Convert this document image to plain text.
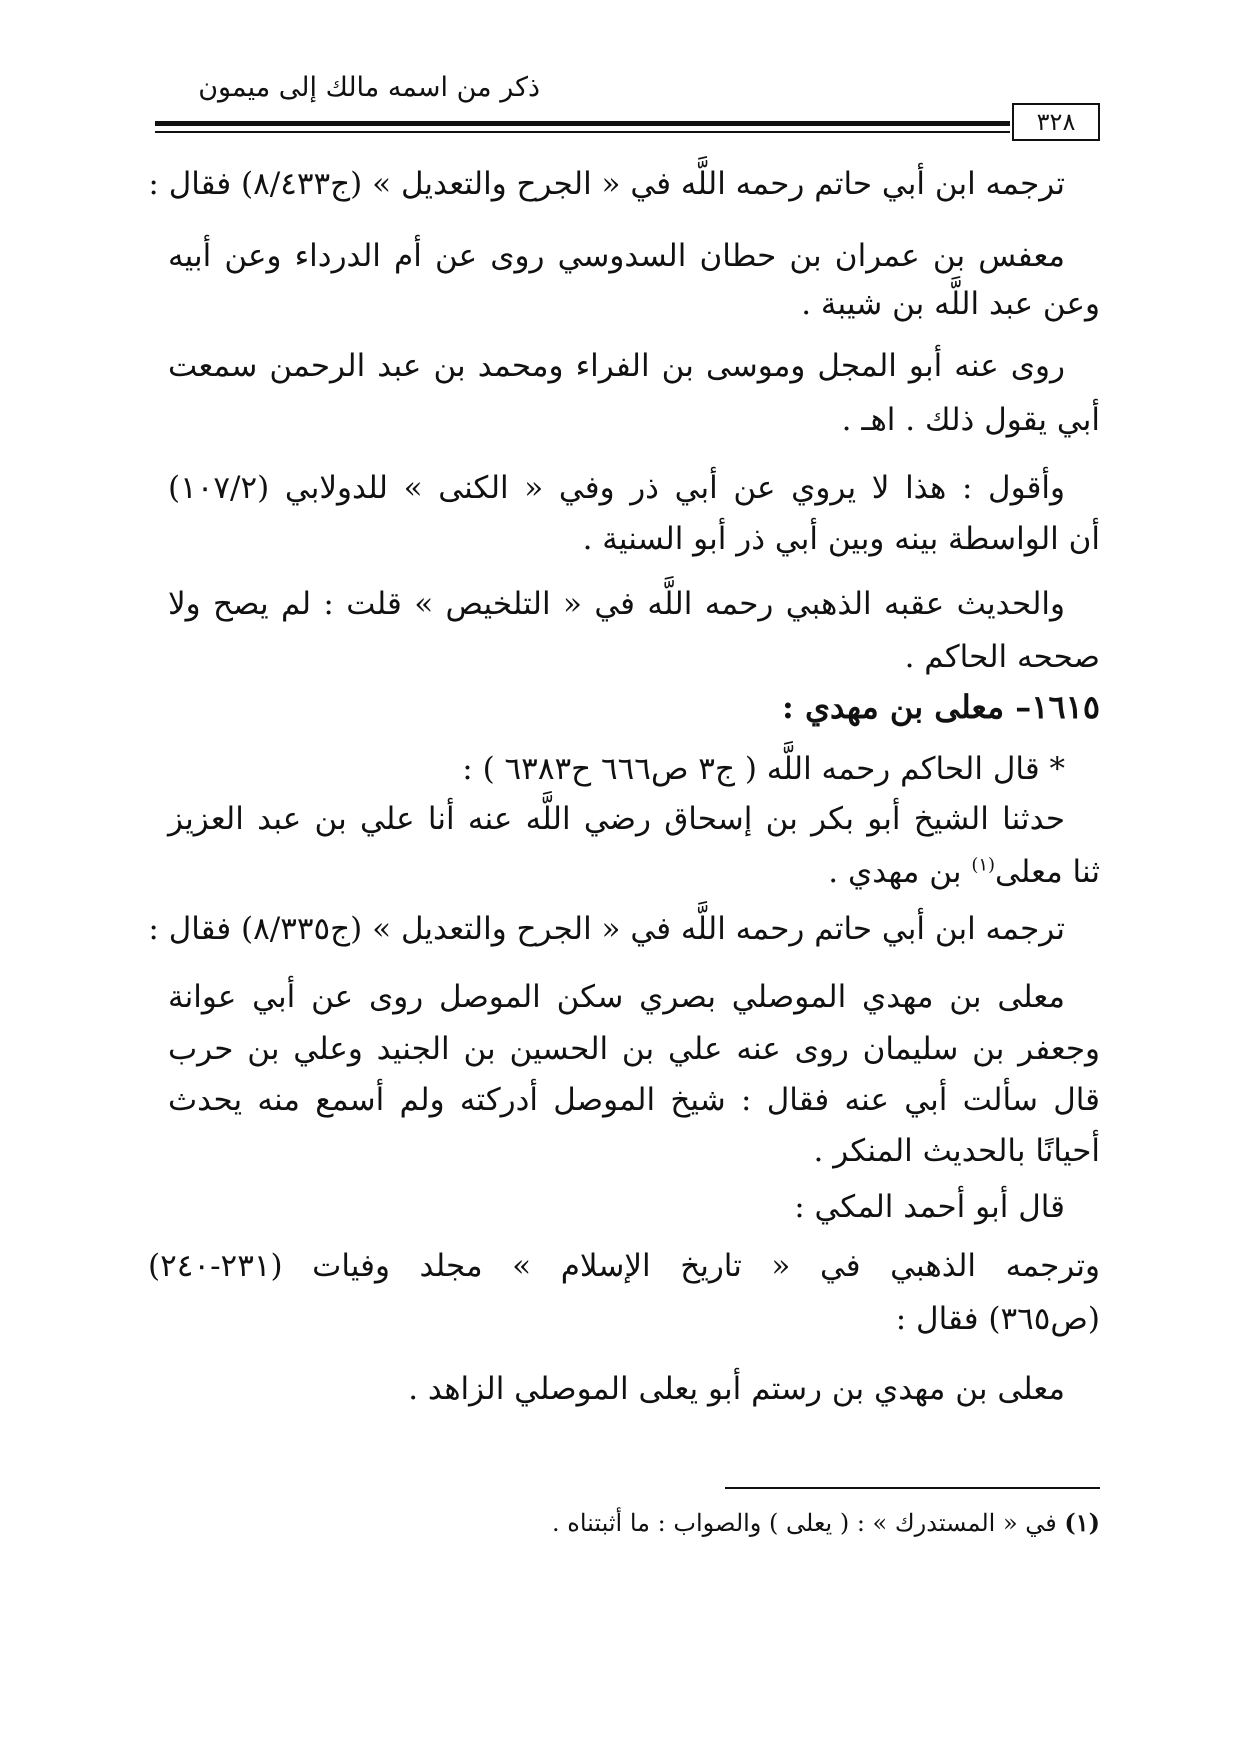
ذكر من اسمه مالك إلى ميمون
٣٢٨
ترجمه ابن أبي حاتم رحمه اللَّه في « الجرح والتعديل » (ج٨/٤٣٣) فقال :
معفس بن عمران بن حطان السدوسي روى عن أم الدرداء وعن أبيه
وعن عبد اللَّه بن شيبة .
روى عنه أبو المجل وموسى بن الفراء ومحمد بن عبد الرحمن سمعت
أبي يقول ذلك . اهـ .
وأقول : هذا لا يروي عن أبي ذر وفي « الكنى » للدولابي (١٠٧/٢)
أن الواسطة بينه وبين أبي ذر أبو السنية .
والحديث عقبه الذهبي رحمه اللَّه في « التلخيص » قلت : لم يصح ولا
صححه الحاكم .
١٦١٥– معلى بن مهدي :
* قال الحاكم رحمه اللَّه ( ج٣ ص٦٦٦ ح٦٣٨٣ ) :
حدثنا الشيخ أبو بكر بن إسحاق رضي اللَّه عنه أنا علي بن عبد العزيز
ثنا معلى$^{(١)}$ بن مهدي .
ترجمه ابن أبي حاتم رحمه اللَّه في « الجرح والتعديل » (ج٨/٣٣٥) فقال :
معلى بن مهدي الموصلي بصري سكن الموصل روى عن أبي عوانة
وجعفر بن سليمان روى عنه علي بن الحسين بن الجنيد وعلي بن حرب
قال سألت أبي عنه فقال : شيخ الموصل أدركته ولم أسمع منه يحدث
أحيانًا بالحديث المنكر .
قال أبو أحمد المكي :
وترجمه الذهبي في « تاريخ الإسلام » مجلد وفيات (٢٣١-٢٤٠)
(ص٣٦٥) فقال :
معلى بن مهدي بن رستم أبو يعلى الموصلي الزاهد .
(١) في « المستدرك » : ( يعلى ) والصواب : ما أثبتناه .
